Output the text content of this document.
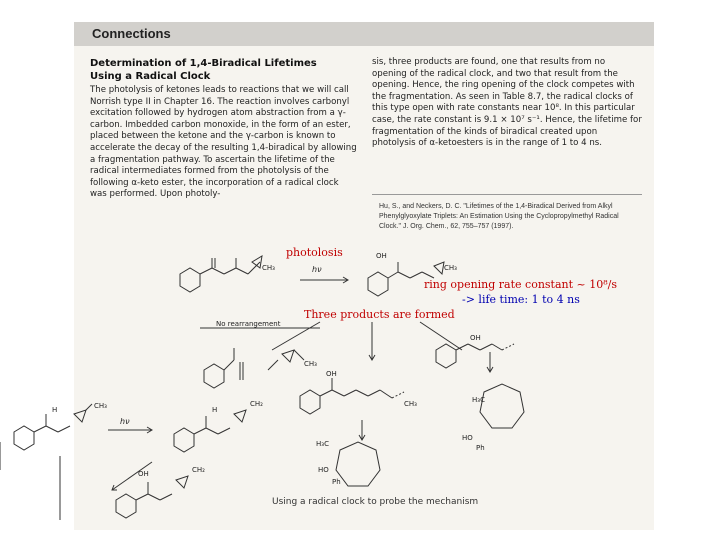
Connections

Determination of 1,4-Biradical Lifetimes
Using a Radical Clock

The photolysis of ketones leads to reactions that we will call Norrish type II in Chapter 16. The reaction involves carbonyl excitation followed by hydrogen atom abstraction from a γ-carbon. Imbedded carbon monoxide, in the form of an ester, placed between the ketone and the γ-carbon is known to accelerate the decay of the resulting 1,4-biradical by allowing a fragmentation pathway. To ascertain the lifetime of the radical intermediates formed from the photolysis of the following α-keto ester, the incorporation of a radical clock was performed. Upon photoly-

sis, three products are found, one that results from no opening of the radical clock, and two that result from the opening. Hence, the ring opening of the clock competes with the fragmentation. As seen in Table 8.7, the radical clocks of this type open with rate constants near 10⁸. In this particular case, the rate constant is 9.1 × 10⁷ s⁻¹. Hence, the lifetime for fragmentation of the kinds of biradical created upon photolysis of α-ketoesters is in the range of 1 to 4 ns.

Hu, S., and Neckers, D. C. "Lifetimes of the 1,4-Biradical Derived from Alkyl Phenylglyoxylate Triplets: An Estimation Using the Cyclopropylmethyl Radical Clock." J. Org. Chem., 62, 755–757 (1997).
CH₃	hν
OH
CH₃
No rearrangement
CH₃
OH
CH₃
OH
H₃C
HO
Ph
H₃C
HO
Ph
H	CH₃
hν
H
CH₂
CH₂
OH
photolosis
ring opening rate constant ~ 10⁸/s
-> life time: 1 to 4 ns
Three products are formed
Using a radical clock to probe the mechanism
